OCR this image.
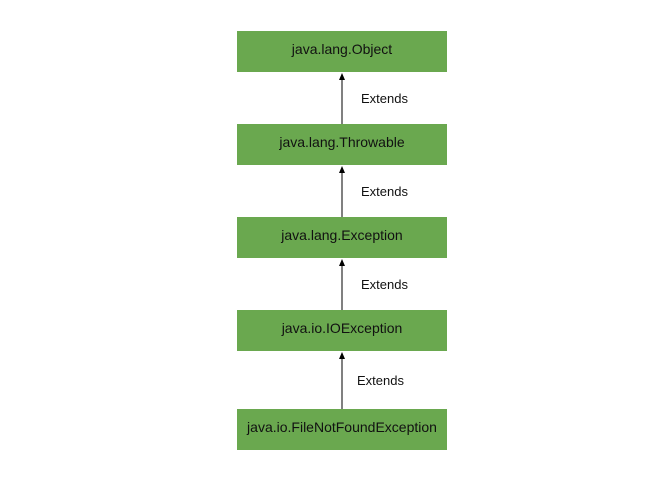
java.lang.Object
java.lang.Throwable
java.lang.Exception
java.io.IOException
java.io.FileNotFoundException
Extends
Extends
Extends
Extends
